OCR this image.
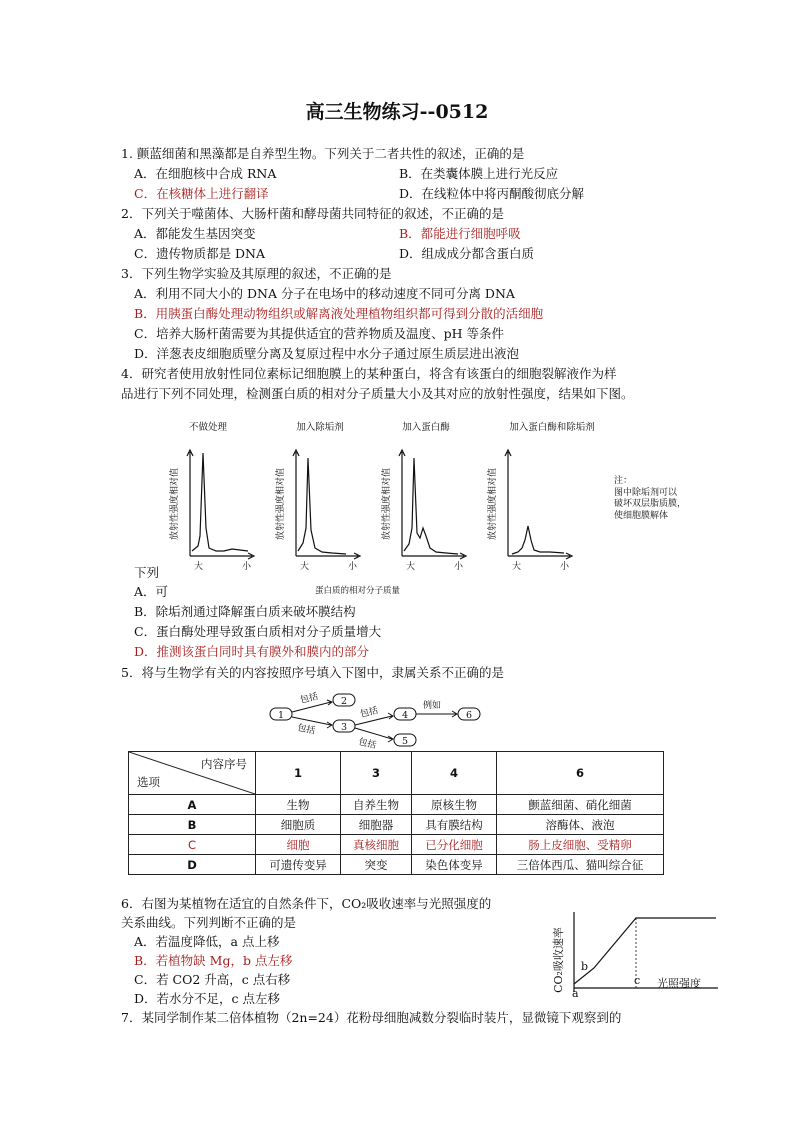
高三生物练习--0512
1. 颤蓝细菌和黑藻都是自养型生物。下列关于二者共性的叙述，正确的是
A．在细胞核中合成 RNA	B．在类囊体膜上进行光反应
C．在核糖体上进行翻译	D．在线粒体中将丙酮酸彻底分解
2．下列关于噬菌体、大肠杆菌和酵母菌共同特征的叙述，不正确的是
A．都能发生基因突变	B．都能进行细胞呼吸
C．遗传物质都是 DNA	D．组成成分都含蛋白质
3．下列生物学实验及其原理的叙述，不正确的是
A．利用不同大小的 DNA 分子在电场中的移动速度不同可分离 DNA
B．用胰蛋白酶处理动物组织或解离液处理植物组织都可得到分散的活细胞
C．培养大肠杆菌需要为其提供适宜的营养物质及温度、pH 等条件
D．洋葱表皮细胞质壁分离及复原过程中水分子通过原生质层进出液泡
4．研究者使用放射性同位素标记细胞膜上的某种蛋白，将含有该蛋白的细胞裂解液作为样
品进行下列不同处理，检测蛋白质的相对分子质量大小及其对应的放射性强度，结果如下图。
不做处理	加入除垢剂	加入蛋白酶	加入蛋白酶和除垢剂
放射性强度相对值
大	小
放射性强度相对值
大	小
放射性强度相对值
大	小
放射性强度相对值
大	小
蛋白质的相对分子质量
注：
图中除垢剂可以
破坏双层脂质膜，
使细胞膜解体
下列
A．可
B．除垢剂通过降解蛋白质来破坏膜结构
C．蛋白酶处理导致蛋白质相对分子质量增大
D．推测该蛋白同时具有膜外和膜内的部分
5．将与生物学有关的内容按照序号填入下图中，隶属关系不正确的是
1
2
3
4
5
6
包括
包括
包括
包括
例如
内容序号
选项	1	3	4	6
A	生物	自养生物	原核生物	颤蓝细菌、硝化细菌
B	细胞质	细胞器	具有膜结构	溶酶体、液泡
C	细胞	真核细胞	已分化细胞	肠上皮细胞、受精卵
D	可遗传变异	突变	染色体变异	三倍体西瓜、猫叫综合征
6．右图为某植物在适宜的自然条件下，CO₂吸收速率与光照强度的
关系曲线。下列判断不正确的是
A．若温度降低，a 点上移
B．若植物缺 Mg，b 点左移
C．若 CO2 升高，c 点右移
D．若水分不足，c 点左移
CO₂吸收速率	光照强度
a
b
c
7．某同学制作某二倍体植物（2n=24）花粉母细胞减数分裂临时装片，显微镜下观察到的
